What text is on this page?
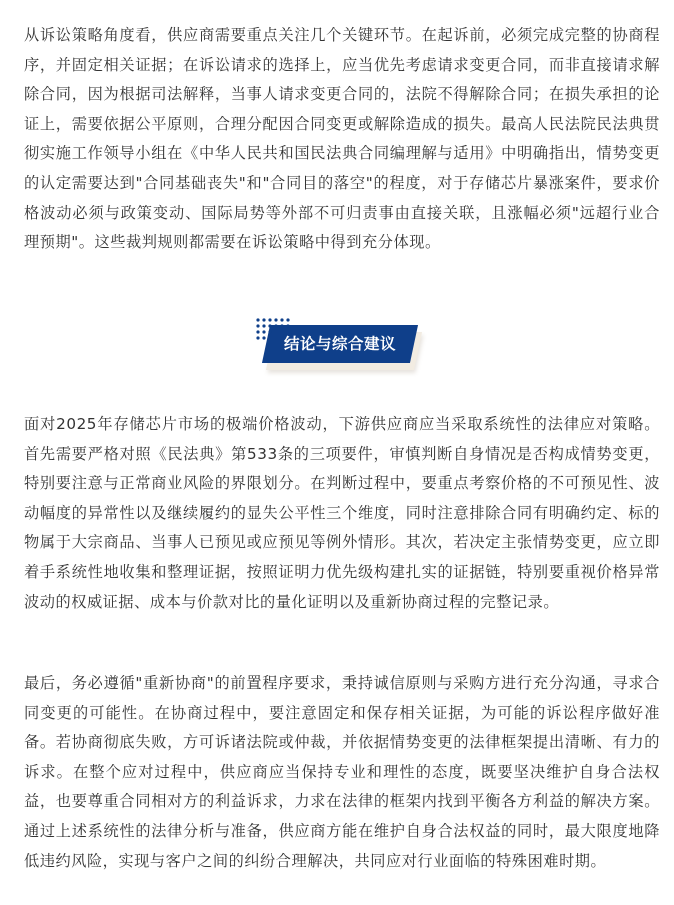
从诉讼策略角度看，供应商需要重点关注几个关键环节。在起诉前，必须完成完整的协商程序，并固定相关证据；在诉讼请求的选择上，应当优先考虑请求变更合同，而非直接请求解除合同，因为根据司法解释，当事人请求变更合同的，法院不得解除合同；在损失承担的论证上，需要依据公平原则，合理分配因合同变更或解除造成的损失。最高人民法院民法典贯彻实施工作领导小组在《中华人民共和国民法典合同编理解与适用》中明确指出，情势变更的认定需要达到"合同基础丧失"和"合同目的落空"的程度，对于存储芯片暴涨案件，要求价格波动必须与政策变动、国际局势等外部不可归责事由直接关联，且涨幅必须"远超行业合理预期"。这些裁判规则都需要在诉讼策略中得到充分体现。

结论与综合建议

面对2025年存储芯片市场的极端价格波动，下游供应商应当采取系统性的法律应对策略。首先需要严格对照《民法典》第533条的三项要件，审慎判断自身情况是否构成情势变更，特别要注意与正常商业风险的界限划分。在判断过程中，要重点考察价格的不可预见性、波动幅度的异常性以及继续履约的显失公平性三个维度，同时注意排除合同有明确约定、标的物属于大宗商品、当事人已预见或应预见等例外情形。其次，若决定主张情势变更，应立即着手系统性地收集和整理证据，按照证明力优先级构建扎实的证据链，特别要重视价格异常波动的权威证据、成本与价款对比的量化证明以及重新协商过程的完整记录。

最后，务必遵循"重新协商"的前置程序要求，秉持诚信原则与采购方进行充分沟通，寻求合同变更的可能性。在协商过程中，要注意固定和保存相关证据，为可能的诉讼程序做好准备。若协商彻底失败，方可诉诸法院或仲裁，并依据情势变更的法律框架提出清晰、有力的诉求。在整个应对过程中，供应商应当保持专业和理性的态度，既要坚决维护自身合法权益，也要尊重合同相对方的利益诉求，力求在法律的框架内找到平衡各方利益的解决方案。通过上述系统性的法律分析与准备，供应商方能在维护自身合法权益的同时，最大限度地降低违约风险，实现与客户之间的纠纷合理解决，共同应对行业面临的特殊困难时期。
